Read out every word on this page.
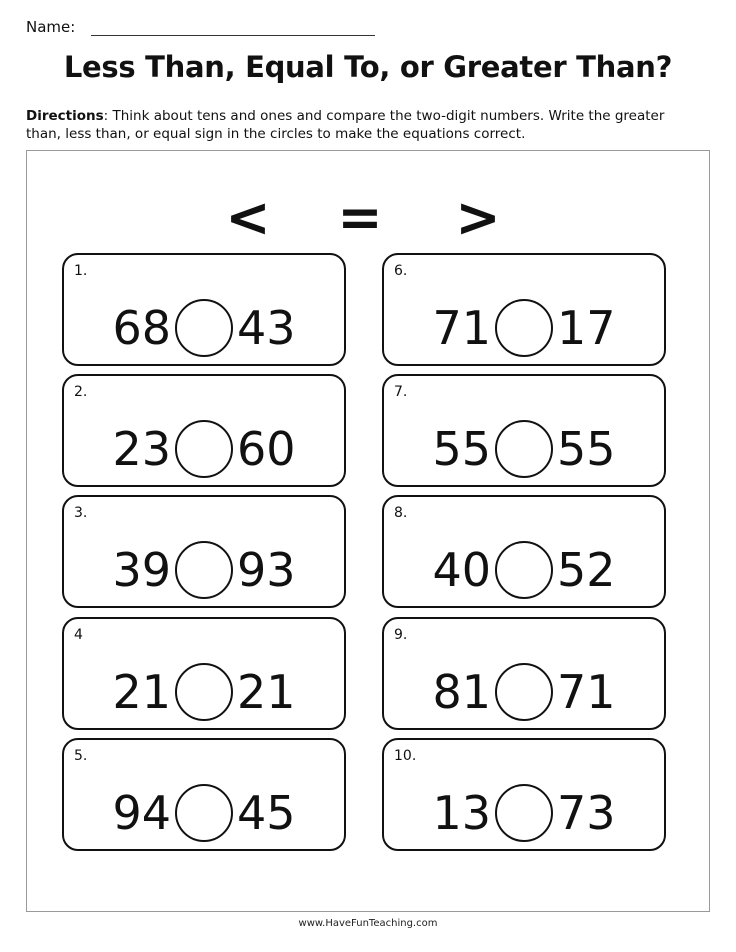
Name:
Less Than, Equal To, or Greater Than?
Directions: Think about tens and ones and compare the two-digit numbers. Write the greater than, less than, or equal sign in the circles to make the equations correct.
< = >
1.
68 43
2.
23 60
3.
39 93
4
21 21
5.
94 45
6.
71 17
7.
55 55
8.
40 52
9.
81 71
10.
13 73
www.HaveFunTeaching.com
